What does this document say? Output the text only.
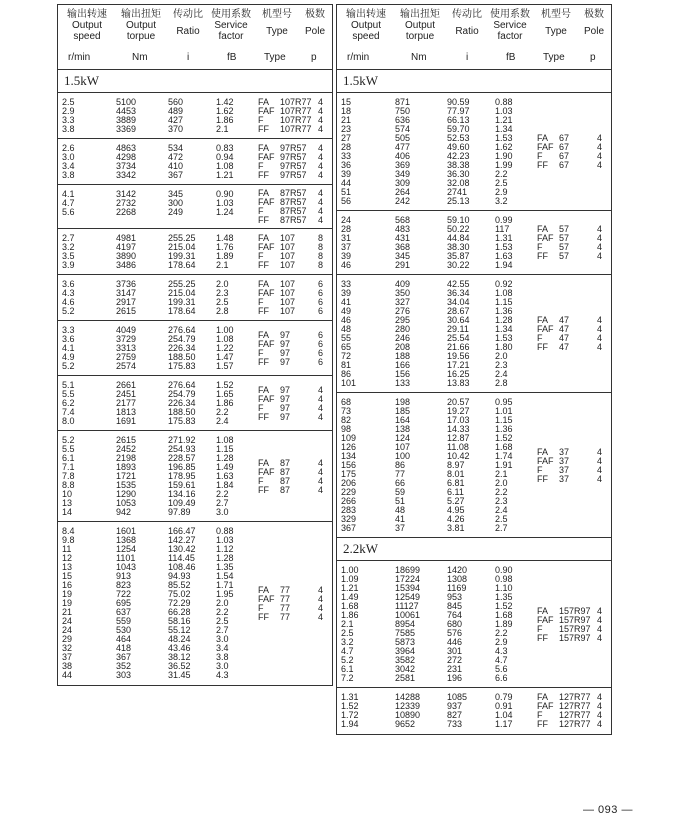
输出转速
Output
speed
输出扭矩
Output
torpue
传动比
Ratio
使用系数
Service
factor
机型号
Type
极数
Pole
r/min	Nm	i	fB	Type	p
1.5kW
2.5	5100	560	1.42
2.9	4453	489	1.62
3.3	3889	427	1.86
3.8	3369	370	2.1
FA 107R77 4
FAF 107R77 4
F 107R77 4
FF 107R77 4
2.6	4863	534	0.83
3.0	4298	472	0.94
3.4	3734	410	1.08
3.8	3342	367	1.21
FA 97R57 4
FAF 97R57 4
F 97R57 4
FF 97R57 4
4.1	3142	345	0.90
4.7	2732	300	1.03
5.6	2268	249	1.24
FA 87R57 4
FAF 87R57 4
F 87R57 4
FF 87R57 4
2.7	4981	255.25 1.48
3.2	4197	215.04 1.76
3.5	3890	199.31 1.89
3.9	3486	178.64 2.1
FA 107	8
FAF 107	8
F 107	8
FF 107	8
3.6	3736	255.25 2.0
4.3	3147	215.04 2.3
4.6	2917	199.31 2.5
5.2	2615	178.64 2.8
FA 107	6
FAF 107	6
F 107	6
FF 107	6
3.3	4049	276.64 1.00
3.6	3729	254.79 1.08
4.1	3313	226.34 1.22
4.9	2759	188.50 1.47
5.2	2574	175.83 1.57
FA 97	6
FAF 97	6
F 97	6
FF 97	6
5.1	2661	276.64 1.52
5.5	2451	254.79 1.65
6.2	2177	226.34 1.86
7.4	1813	188.50 2.2
8.0	1691	175.83 2.4
FA 97	4
FAF 97	4
F 97	4
FF 97	4
5.2	2615	271.92 1.08
5.5	2452	254.93 1.15
6.1	2198	228.57 1.28
7.1	1893	196.85 1.49
7.8	1721	178.95 1.63
8.8	1535	159.61 1.84
10	1290	134.16 2.2
13	1053	109.49 2.7
14	942	97.89	3.0
FA 87	4
FAF 87	4
F 87	4
FF 87	4
8.4	1601	166.47 0.88
9.8	1368	142.27 1.03
11	1254	130.42 1.12
12	1101	114.45 1.28
13	1043	108.46 1.35
15	913	94.93	1.54
16	823	85.52	1.71
19	722	75.02	1.95
19	695	72.29	2.0
21	637	66.28	2.2
24	559	58.16	2.5
24	530	55.12	2.7
29	464	48.24	3.0
32	418	43.46	3.4
37	367	38.12	3.8
38	352	36.52	3.0
44	303	31.45	4.3
FA 77	4
FAF 77	4
F 77	4
FF 77	4
输出转速
Output
speed
输出扭矩
Output
torpue
传动比
Ratio
使用系数
Service
factor
机型号
Type
极数
Pole
r/min	Nm	i	fB	Type	p
1.5kW
15	871	90.59	0.88
18	750	77.97	1.03
21	636	66.13	1.21
23	574	59.70	1.34
27	505	52.53	1.53
28	477	49.60	1.62
33	406	42.23	1.90
36	369	38.38	1.99
39	349	36.30	2.2
44	309	32.08	2.5
51	264	2741	2.9
56	242	25.13	3.2
FA 67	4
FAF 67	4
F 67	4
FF 67	4
24	568	59.10	0.99
28	483	50.22	117
31	431	44.84	1.31
37	368	38.30	1.53
39	345	35.87	1.63
46	291	30.22	1.94
FA 57	4
FAF 57	4
F 57	4
FF 57	4
33	409	42.55	0.92
39	350	36.34	1.08
41	327	34.04	1.15
49	276	28.67	1.36
46	295	30.64	1.28
48	280	29.11	1.34
55	246	25.54	1.53
65	208	21.66	1.80
72	188	19.56	2.0
81	166	17.21	2.3
86	156	16.25	2.4
101	133	13.83	2.8
FA 47	4
FAF 47	4
F 47	4
FF 47	4
68	198	20.57	0.95
73	185	19.27	1.01
82	164	17.03	1.15
98	138	14.33	1.36
109	124	12.87	1.52
126	107	11.08	1.68
134	100	10.42	1.74
156	86	8.97	1.91
175	77	8.01	2.1
206	66	6.81	2.0
229	59	6.11	2.2
266	51	5.27	2.3
283	48	4.95	2.4
329	41	4.26	2.5
367	37	3.81	2.7
FA 37	4
FAF 37	4
F 37	4
FF 37	4
2.2kW
1.00	18699	1420	0.90
1.09	17224	1308	0.98
1.21	15394	1169	1.10
1.49	12549	953	1.35
1.68	11127	845	1.52
1.86	10061	764	1.68
2.1	8954	680	1.89
2.5	7585	576	2.2
3.2	5873	446	2.9
4.7	3964	301	4.3
5.2	3582	272	4.7
6.1	3042	231	5.6
7.2	2581	196	6.6
FA 157R97 4
FAF 157R97 4
F 157R97 4
FF 157R97 4
1.31	14288	1085	0.79
1.52	12339	937	0.91
1.72	10890	827	1.04
1.94	9652	733	1.17
FA 127R77 4
FAF 127R77 4
F 127R77 4
FF 127R77 4
— 093 —
